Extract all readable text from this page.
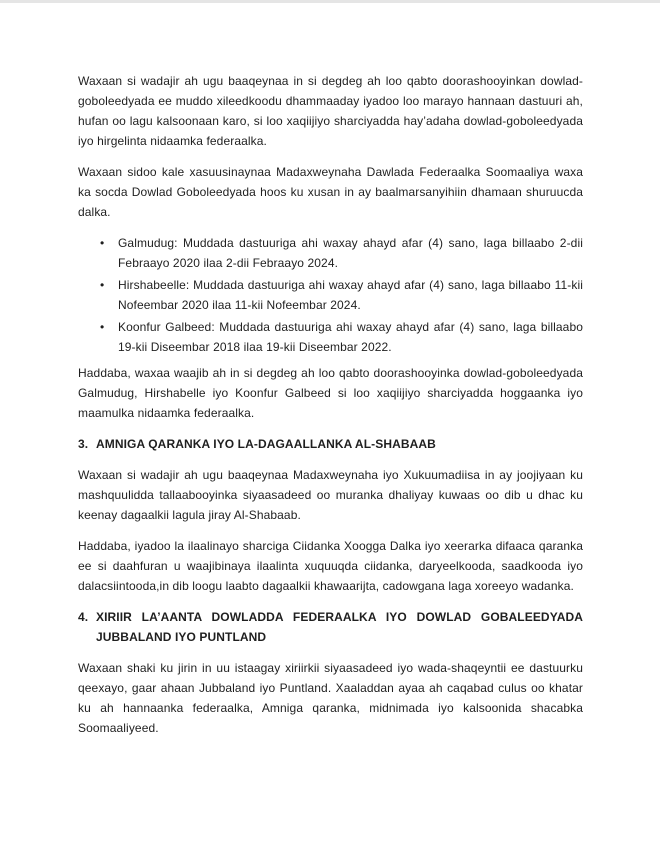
Waxaan si wadajir ah ugu baaqeynaa in si degdeg ah loo qabto doorashooyinkan dowlad-goboleedyada ee muddo xileedkoodu dhammaaday iyadoo loo marayo hannaan dastuuri ah, hufan oo lagu kalsoonaan karo, si loo xaqiijiyo sharciyadda hay’adaha dowlad-goboleedyada iyo hirgelinta nidaamka federaalka.

Waxaan sidoo kale xasuusinaynaa Madaxweynaha Dawlada Federaalka Soomaaliya waxa ka socda Dowlad Goboleedyada hoos ku xusan in ay baalmarsanyihiin dhamaan shuruucda dalka.

• Galmudug: Muddada dastuuriga ahi waxay ahayd afar (4) sano, laga billaabo 2-dii Febraayo 2020 ilaa 2-dii Febraayo 2024.
• Hirshabeelle: Muddada dastuuriga ahi waxay ahayd afar (4) sano, laga billaabo 11-kii Nofeembar 2020 ilaa 11-kii Nofeembar 2024.
• Koonfur Galbeed: Muddada dastuuriga ahi waxay ahayd afar (4) sano, laga billaabo 19-kii Diseembar 2018 ilaa 19-kii Diseembar 2022.

Haddaba, waxaa waajib ah in si degdeg ah loo qabto doorashooyinka dowlad-goboleedyada Galmudug, Hirshabelle iyo Koonfur Galbeed si loo xaqiijiyo sharciyadda hoggaanka iyo maamulka nidaamka federaalka.

3. AMNIGA QARANKA IYO LA-DAGAALLANKA AL-SHABAAB

Waxaan si wadajir ah ugu baaqeynaa Madaxweynaha iyo Xukuumadiisa in ay joojiyaan ku mashquulidda tallaabooyinka siyaasadeed oo muranka dhaliyay kuwaas oo dib u dhac ku keenay dagaalkii lagula jiray Al-Shabaab.

Haddaba, iyadoo la ilaalinayo sharciga Ciidanka Xoogga Dalka iyo xeerarka difaaca qaranka ee si daahfuran u waajibinaya ilaalinta xuquuqda ciidanka, daryeelkooda, saadkooda iyo dalacsiintooda,in dib loogu laabto dagaalkii khawaarijta, cadowgana laga xoreeyo wadanka.

4. XIRIIR LA’AANTA DOWLADDA FEDERAALKA IYO DOWLAD GOBALEEDYADA JUBBALAND IYO PUNTLAND

Waxaan shaki ku jirin in uu istaagay xiriirkii siyaasadeed iyo wada-shaqeyntii ee dastuurku qeexayo, gaar ahaan Jubbaland iyo Puntland. Xaaladdan ayaa ah caqabad culus oo khatar ku ah hannaanka federaalka, Amniga qaranka, midnimada iyo kalsoonida shacabka Soomaaliyeed.
